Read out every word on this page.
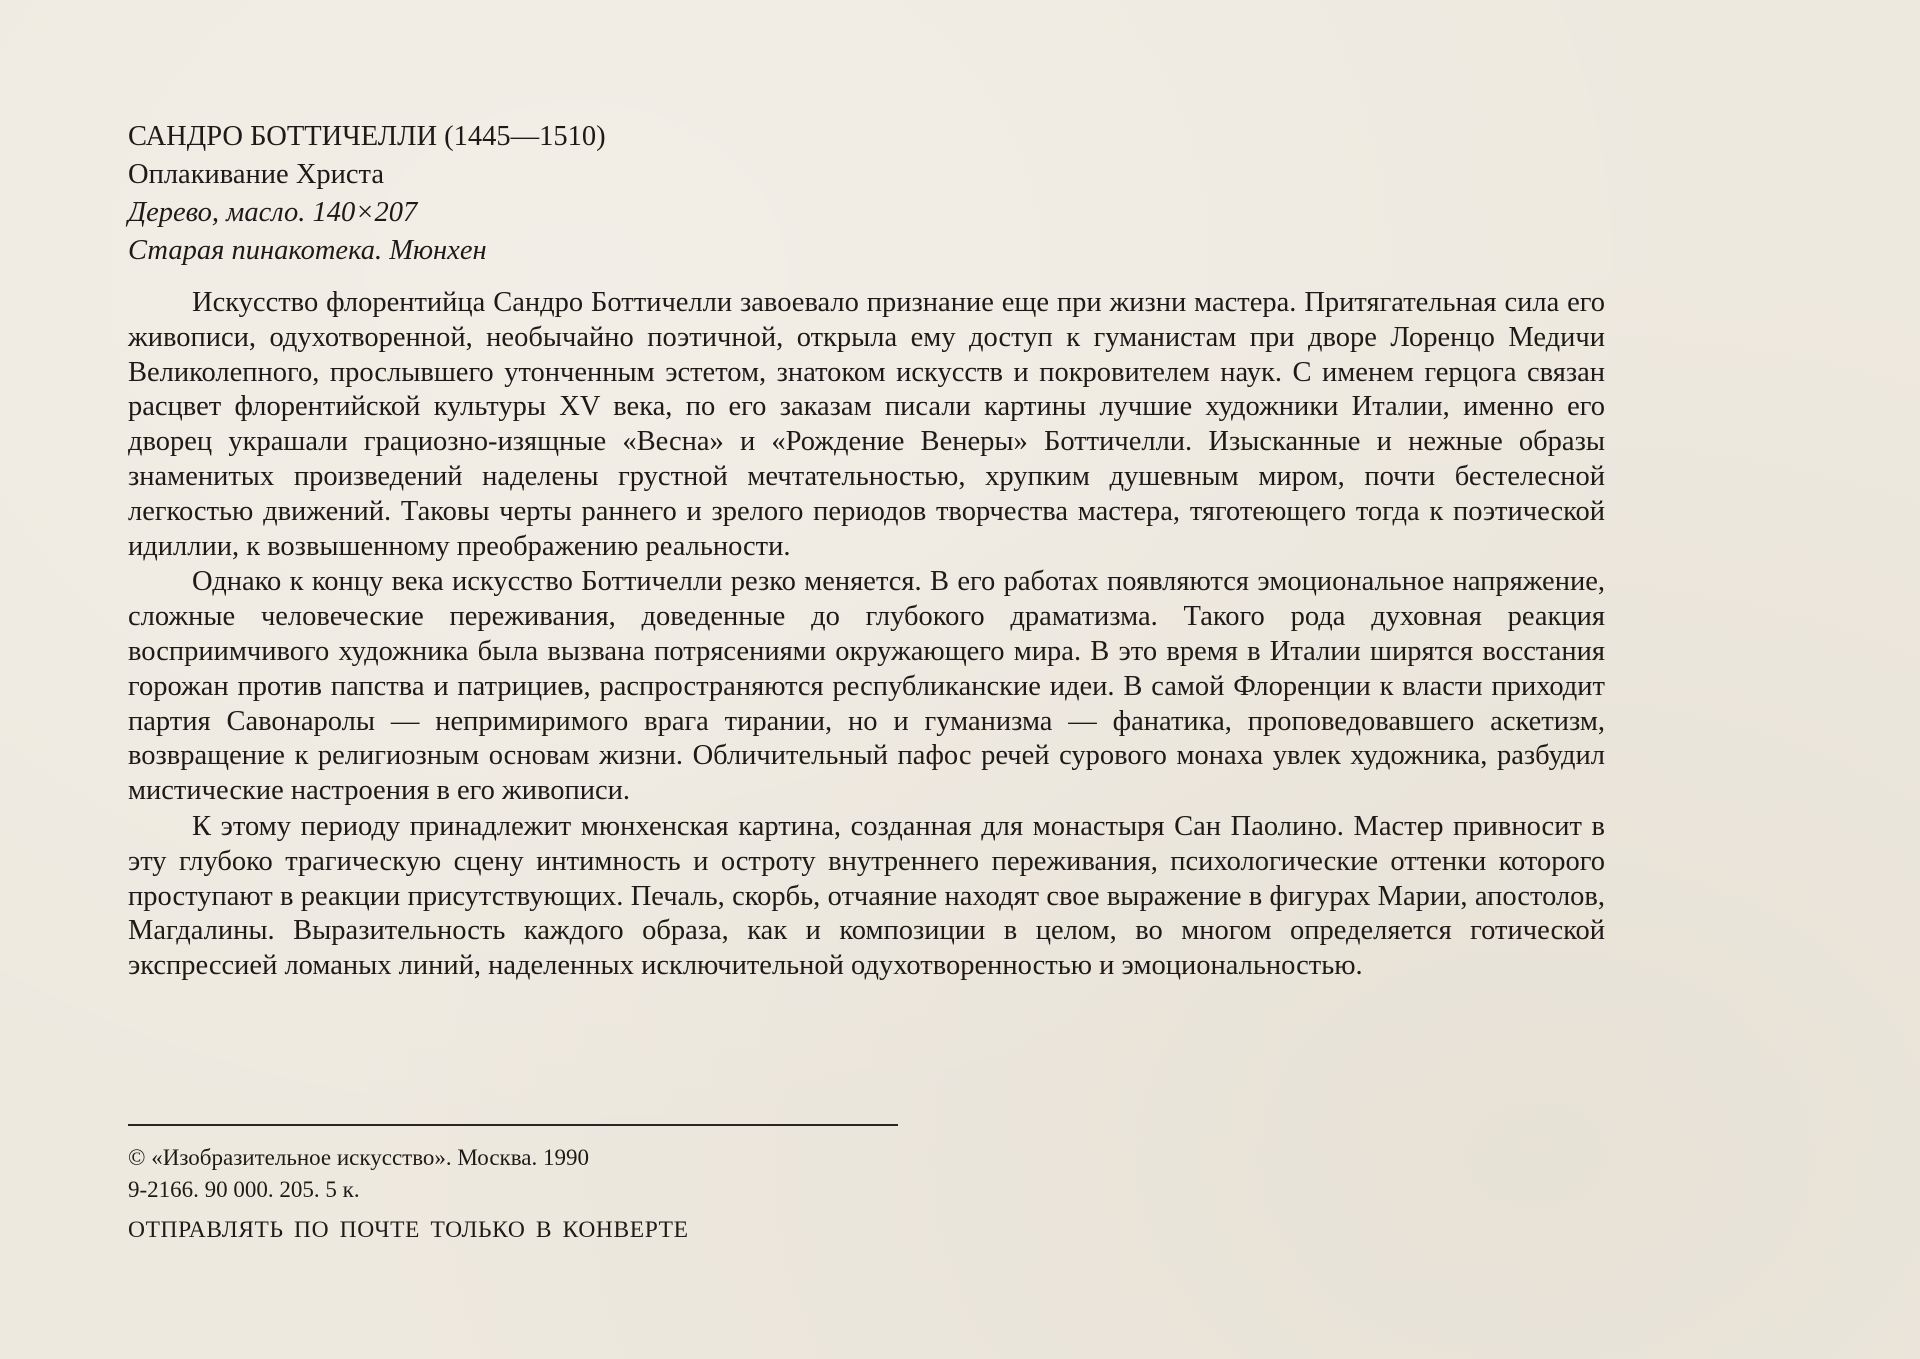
САНДРО БОТТИЧЕЛЛИ (1445—1510)
Оплакивание Христа
Дерево, масло. 140×207
Старая пинакотека. Мюнхен

Искусство флорентийца Сандро Боттичелли завоевало признание еще при жизни мастера. Притягательная сила его живописи, одухотворенной, необычайно поэтичной, открыла ему доступ к гуманистам при дворе Лоренцо Медичи Великолепного, прослывшего утонченным эстетом, знатоком искусств и покровителем наук. С именем герцога связан расцвет флорентийской культуры XV века, по его заказам писали картины лучшие художники Италии, именно его дворец украшали грациозно-изящные «Весна» и «Рождение Венеры» Боттичелли. Изысканные и нежные образы знаменитых произведений наделены грустной мечтательностью, хрупким душевным миром, почти бестелесной легкостью движений. Таковы черты раннего и зрелого периодов творчества мастера, тяготеющего тогда к поэтической идиллии, к возвышенному преображению реальности.

Однако к концу века искусство Боттичелли резко меняется. В его работах появляются эмоциональное напряжение, сложные человеческие переживания, доведенные до глубокого драматизма. Такого рода духовная реакция восприимчивого художника была вызвана потрясениями окружающего мира. В это время в Италии ширятся восстания горожан против папства и патрициев, распространяются республиканские идеи. В самой Флоренции к власти приходит партия Савонаролы — непримиримого врага тирании, но и гуманизма — фанатика, проповедовавшего аскетизм, возвращение к религиозным основам жизни. Обличительный пафос речей сурового монаха увлек художника, разбудил мистические настроения в его живописи.

К этому периоду принадлежит мюнхенская картина, созданная для монастыря Сан Паолино. Мастер привносит в эту глубоко трагическую сцену интимность и остроту внутреннего переживания, психологические оттенки которого проступают в реакции присутствующих. Печаль, скорбь, отчаяние находят свое выражение в фигурах Марии, апостолов, Магдалины. Выразительность каждого образа, как и композиции в целом, во многом определяется готической экспрессией ломаных линий, наделенных исключительной одухотворенностью и эмоциональностью.

© «Изобразительное искусство». Москва. 1990
9-2166. 90 000. 205. 5 к.
ОТПРАВЛЯТЬ ПО ПОЧТЕ ТОЛЬКО В КОНВЕРТЕ
